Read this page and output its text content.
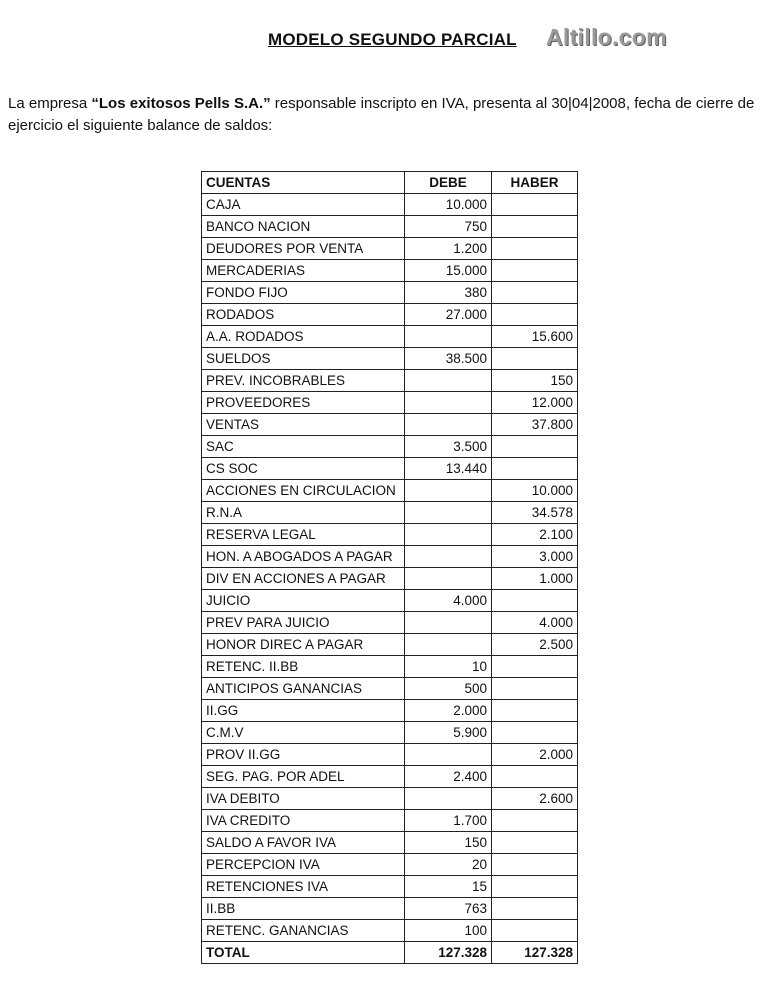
MODELO SEGUNDO PARCIAL Altillo.com
La empresa “Los exitosos Pells S.A.” responsable inscripto en IVA, presenta al 30|04|2008, fecha de cierre de ejercicio el siguiente balance de saldos:
CUENTAS	DEBE	HABER
CAJA	10.000	
BANCO NACION	750	
DEUDORES POR VENTA	1.200	
MERCADERIAS	15.000	
FONDO FIJO	380	
RODADOS	27.000	
A.A. RODADOS		15.600
SUELDOS	38.500	
PREV. INCOBRABLES		150
PROVEEDORES		12.000
VENTAS		37.800
SAC	3.500	
CS SOC	13.440	
ACCIONES EN CIRCULACION		10.000
R.N.A		34.578
RESERVA LEGAL		2.100
HON. A ABOGADOS A PAGAR		3.000
DIV EN ACCIONES A PAGAR		1.000
JUICIO	4.000	
PREV PARA JUICIO		4.000
HONOR DIREC A PAGAR		2.500
RETENC. II.BB	10	
ANTICIPOS GANANCIAS	500	
II.GG	2.000	
C.M.V	5.900	
PROV II.GG		2.000
SEG. PAG. POR ADEL	2.400	
IVA DEBITO		2.600
IVA CREDITO	1.700	
SALDO A FAVOR IVA	150	
PERCEPCION IVA	20	
RETENCIONES IVA	15	
II.BB	763	
RETENC. GANANCIAS	100	
TOTAL	127.328	127.328
